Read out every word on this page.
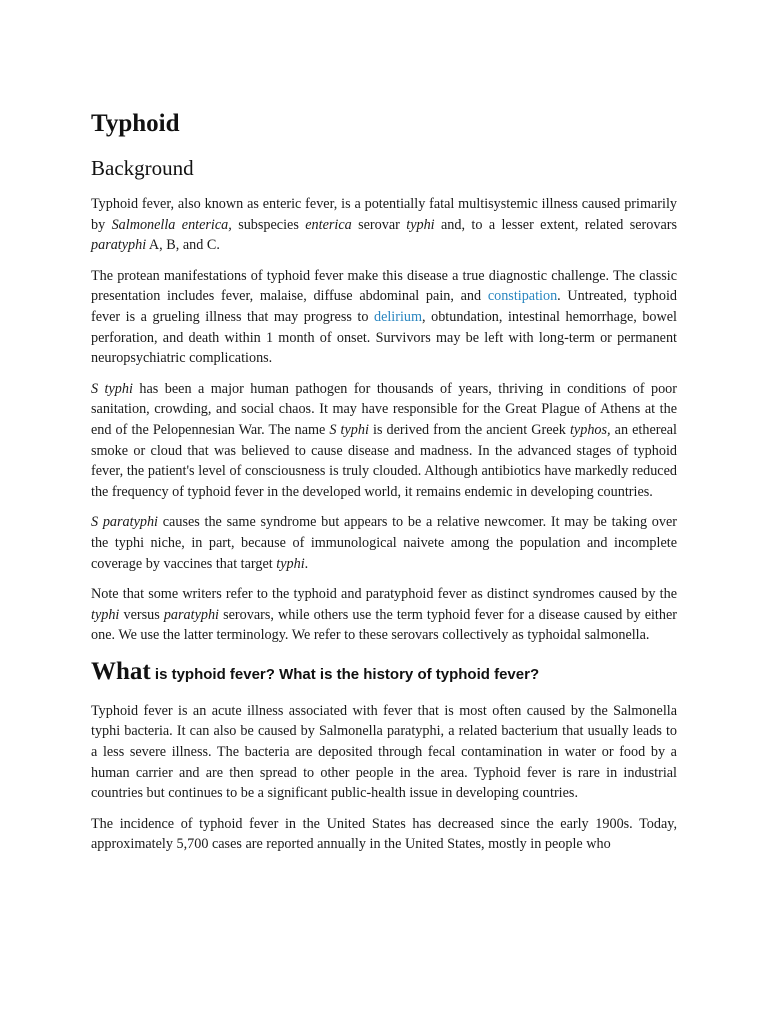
Typhoid
Background

Typhoid fever, also known as enteric fever, is a potentially fatal multisystemic illness caused primarily by Salmonella enterica, subspecies enterica serovar typhi and, to a lesser extent, related serovars paratyphi A, B, and C.

The protean manifestations of typhoid fever make this disease a true diagnostic challenge. The classic presentation includes fever, malaise, diffuse abdominal pain, and constipation. Untreated, typhoid fever is a grueling illness that may progress to delirium, obtundation, intestinal hemorrhage, bowel perforation, and death within 1 month of onset. Survivors may be left with long-term or permanent neuropsychiatric complications.

S typhi has been a major human pathogen for thousands of years, thriving in conditions of poor sanitation, crowding, and social chaos. It may have responsible for the Great Plague of Athens at the end of the Pelopennesian War. The name S typhi is derived from the ancient Greek typhos, an ethereal smoke or cloud that was believed to cause disease and madness. In the advanced stages of typhoid fever, the patient's level of consciousness is truly clouded. Although antibiotics have markedly reduced the frequency of typhoid fever in the developed world, it remains endemic in developing countries.

S paratyphi causes the same syndrome but appears to be a relative newcomer. It may be taking over the typhi niche, in part, because of immunological naivete among the population and incomplete coverage by vaccines that target typhi.

Note that some writers refer to the typhoid and paratyphoid fever as distinct syndromes caused by the typhi versus paratyphi serovars, while others use the term typhoid fever for a disease caused by either one. We use the latter terminology. We refer to these serovars collectively as typhoidal salmonella.

What is typhoid fever? What is the history of typhoid fever?

Typhoid fever is an acute illness associated with fever that is most often caused by the Salmonella typhi bacteria. It can also be caused by Salmonella paratyphi, a related bacterium that usually leads to a less severe illness. The bacteria are deposited through fecal contamination in water or food by a human carrier and are then spread to other people in the area. Typhoid fever is rare in industrial countries but continues to be a significant public-health issue in developing countries.

The incidence of typhoid fever in the United States has decreased since the early 1900s. Today, approximately 5,700 cases are reported annually in the United States, mostly in people who
